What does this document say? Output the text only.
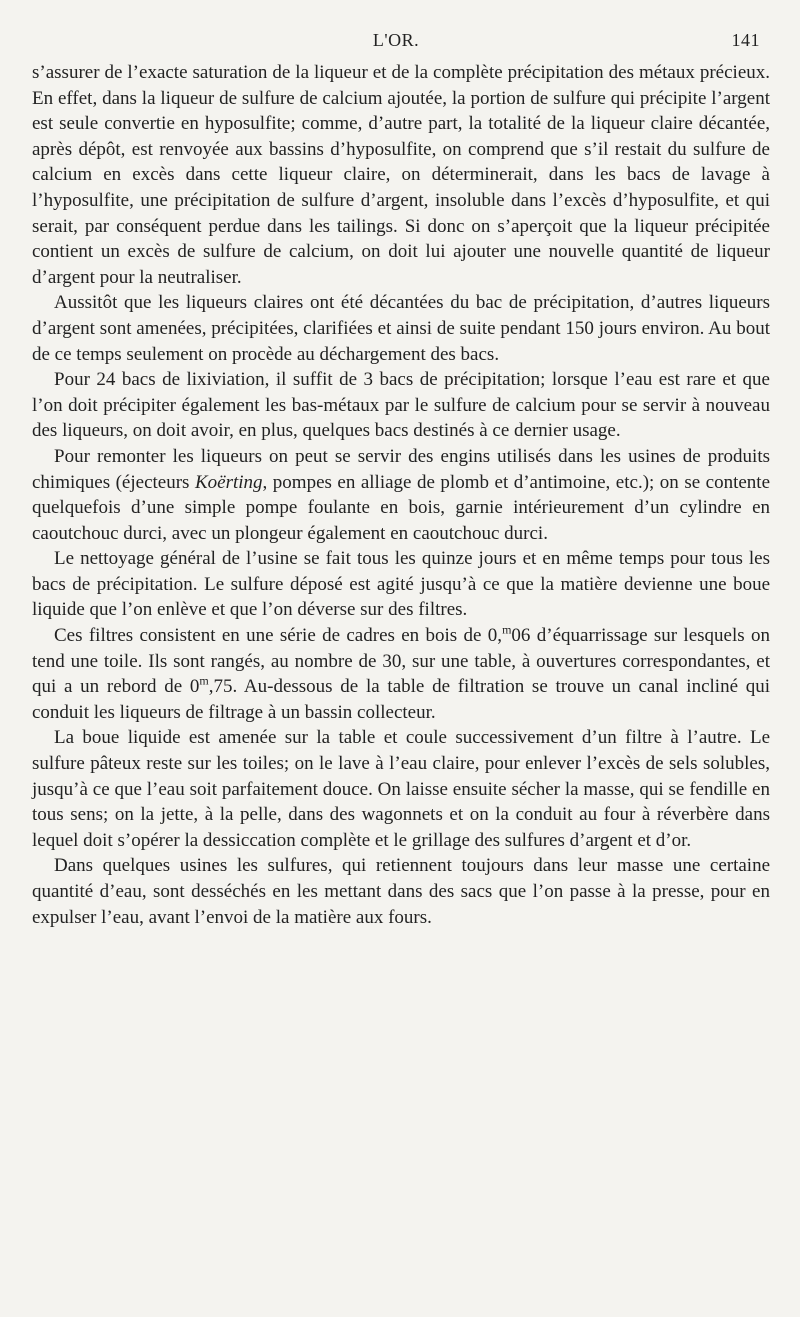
L'OR.	141

s’assurer de l’exacte saturation de la liqueur et de la complète précipitation des métaux précieux. En effet, dans la liqueur de sulfure de calcium ajoutée, la portion de sulfure qui précipite l’argent est seule convertie en hyposulfite; comme, d’autre part, la totalité de la liqueur claire décantée, après dépôt, est renvoyée aux bassins d’hyposulfite, on comprend que s’il restait du sulfure de calcium en excès dans cette liqueur claire, on déterminerait, dans les bacs de lavage à l’hyposulfite, une précipitation de sulfure d’argent, insoluble dans l’excès d’hyposulfite, et qui serait, par conséquent perdue dans les tailings. Si donc on s’aperçoit que la liqueur précipitée contient un excès de sulfure de calcium, on doit lui ajouter une nouvelle quantité de liqueur d’argent pour la neutraliser.

Aussitôt que les liqueurs claires ont été décantées du bac de précipitation, d’autres liqueurs d’argent sont amenées, précipitées, clarifiées et ainsi de suite pendant 150 jours environ. Au bout de ce temps seulement on procède au déchargement des bacs.

Pour 24 bacs de lixiviation, il suffit de 3 bacs de précipitation; lorsque l’eau est rare et que l’on doit précipiter également les bas-métaux par le sulfure de calcium pour se servir à nouveau des liqueurs, on doit avoir, en plus, quelques bacs destinés à ce dernier usage.

Pour remonter les liqueurs on peut se servir des engins utilisés dans les usines de produits chimiques (éjecteurs Koërting, pompes en alliage de plomb et d’antimoine, etc.); on se contente quelquefois d’une simple pompe foulante en bois, garnie intérieurement d’un cylindre en caoutchouc durci, avec un plongeur également en caoutchouc durci.

Le nettoyage général de l’usine se fait tous les quinze jours et en même temps pour tous les bacs de précipitation. Le sulfure déposé est agité jusqu’à ce que la matière devienne une boue liquide que l’on enlève et que l’on déverse sur des filtres.

Ces filtres consistent en une série de cadres en bois de 0,$^m$06 d’équarrissage sur lesquels on tend une toile. Ils sont rangés, au nombre de 30, sur une table, à ouvertures correspondantes, et qui a un rebord de 0$^m$,75. Au-dessous de la table de filtration se trouve un canal incliné qui conduit les liqueurs de filtrage à un bassin collecteur.

La boue liquide est amenée sur la table et coule successivement d’un filtre à l’autre. Le sulfure pâteux reste sur les toiles; on le lave à l’eau claire, pour enlever l’excès de sels solubles, jusqu’à ce que l’eau soit parfaitement douce. On laisse ensuite sécher la masse, qui se fendille en tous sens; on la jette, à la pelle, dans des wagonnets et on la conduit au four à réverbère dans lequel doit s’opérer la dessiccation complète et le grillage des sulfures d’argent et d’or.

Dans quelques usines les sulfures, qui retiennent toujours dans leur masse une certaine quantité d’eau, sont desséchés en les mettant dans des sacs que l’on passe à la presse, pour en expulser l’eau, avant l’envoi de la matière aux fours.
